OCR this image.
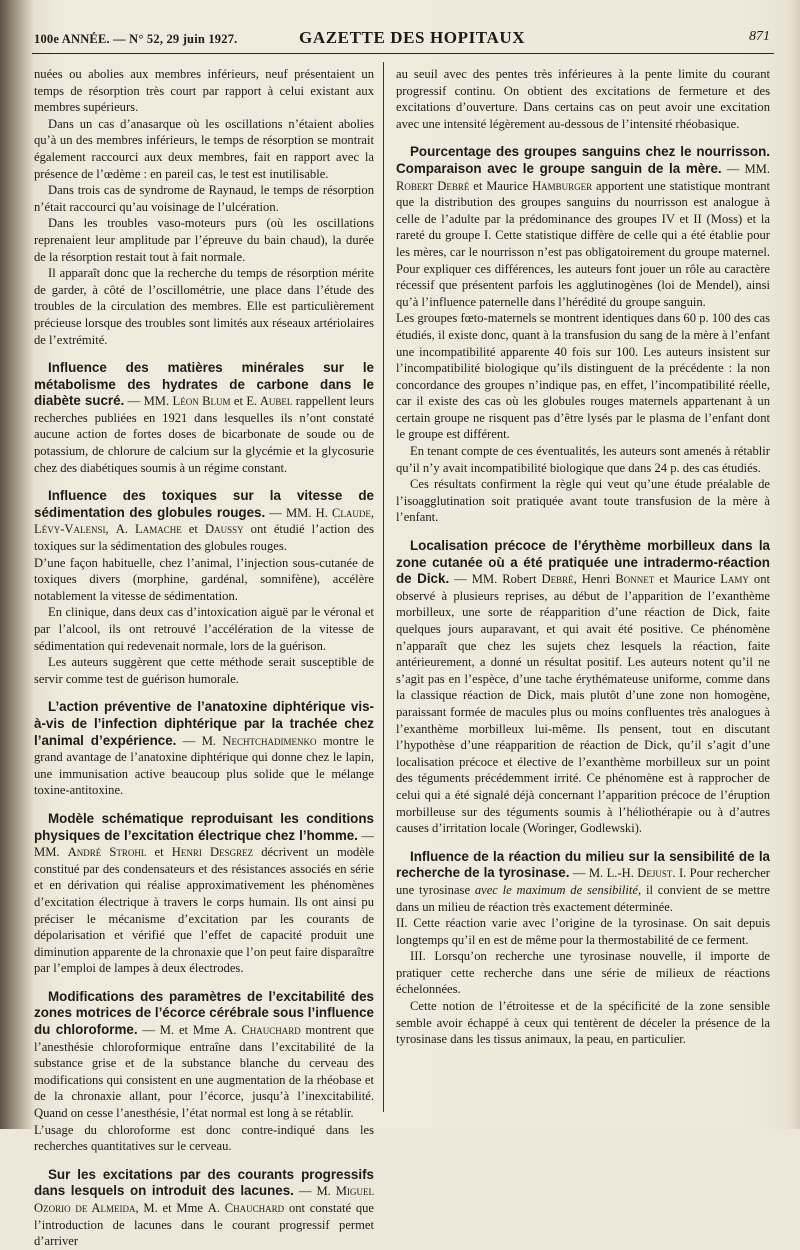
100e ANNÉE. — N° 52, 29 juin 1927.	GAZETTE DES HOPITAUX	871

nuées ou abolies aux membres inférieurs, neuf présentaient un temps de résorption très court par rapport à celui existant aux membres supérieurs.

Dans un cas d’anasarque où les oscillations n’étaient abolies qu’à un des membres inférieurs, le temps de résorption se montrait également raccourci aux deux membres, fait en rapport avec la présence de l’œdème : en pareil cas, le test est inutilisable.

Dans trois cas de syndrome de Raynaud, le temps de résorption n’était raccourci qu’au voisinage de l’ulcération.

Dans les troubles vaso-moteurs purs (où les oscillations reprenaient leur amplitude par l’épreuve du bain chaud), la durée de la résorption restait tout à fait normale.

Il apparaît donc que la recherche du temps de résorption mérite de garder, à côté de l’oscillométrie, une place dans l’étude des troubles de la circulation des membres. Elle est particulièrement précieuse lorsque des troubles sont limités aux réseaux artériolaires de l’extrémité.

Influence des matières minérales sur le métabolisme des hydrates de carbone dans le diabète sucré. — MM. Léon Blum et E. Aubel rappellent leurs recherches publiées en 1921 dans lesquelles ils n’ont constaté aucune action de fortes doses de bicarbonate de soude ou de potassium, de chlorure de calcium sur la glycémie et la glycosurie chez des diabétiques soumis à un régime constant.
Influence des toxiques sur la vitesse de sédimentation des globules rouges. — MM. H. Claude, Lévy-Valensi, A. Lamache et Daussy ont étudié l’action des toxiques sur la sédimentation des globules rouges.

D’une façon habituelle, chez l’animal, l’injection sous-cutanée de toxiques divers (morphine, gardénal, somnifène), accélère notablement la vitesse de sédimentation.

En clinique, dans deux cas d’intoxication aiguë par le véronal et par l’alcool, ils ont retrouvé l’accélération de la vitesse de sédimentation qui redevenait normale, lors de la guérison.

Les auteurs suggèrent que cette méthode serait susceptible de servir comme test de guérison humorale.

L’action préventive de l’anatoxine diphtérique vis-à-vis de l’infection diphtérique par la trachée chez l’animal d’expérience. — M. Nechtchadimenko montre le grand avantage de l’anatoxine diphtérique qui donne chez le lapin, une immunisation active beaucoup plus solide que le mélange toxine-antitoxine.
Modèle schématique reproduisant les conditions physiques de l’excitation électrique chez l’homme. — MM. André Strohl et Henri Desgrez décrivent un modèle constitué par des condensateurs et des résistances associés en série et en dérivation qui réalise approximativement les phénomènes d’excitation électrique à travers le corps humain. Ils ont ainsi pu préciser le mécanisme d’excitation par les courants de dépolarisation et vérifié que l’effet de capacité produit une diminution apparente de la chronaxie que l’on peut faire disparaître par l’emploi de lampes à deux électrodes.
Modifications des paramètres de l’excitabilité des zones motrices de l’écorce cérébrale sous l’influence du chloroforme. — M. et Mme A. Chauchard montrent que l’anesthésie chloroformique entraîne dans l’excitabilité de la substance grise et de la substance blanche du cerveau des modifications qui consistent en une augmentation de la rhéobase et de la chronaxie allant, pour l’écorce, jusqu’à l’inexcitabilité. Quand on cesse l’anesthésie, l’état normal est long à se rétablir.

L’usage du chloroforme est donc contre-indiqué dans les recherches quantitatives sur le cerveau.

Sur les excitations par des courants progressifs dans lesquels on introduit des lacunes. — M. Miguel Ozorio de Almeida, M. et Mme A. Chauchard ont constaté que l’introduction de lacunes dans le courant progressif permet d’arriver

au seuil avec des pentes très inférieures à la pente limite du courant progressif continu. On obtient des excitations de fermeture et des excitations d’ouverture. Dans certains cas on peut avoir une excitation avec une intensité légèrement au-dessous de l’intensité rhéobasique.

Pourcentage des groupes sanguins chez le nourrisson. Comparaison avec le groupe sanguin de la mère. — MM. Robert Debré et Maurice Hamburger apportent une statistique montrant que la distribution des groupes sanguins du nourrisson est analogue à celle de l’adulte par la prédominance des groupes IV et II (Moss) et la rareté du groupe I. Cette statistique diffère de celle qui a été établie pour les mères, car le nourrisson n’est pas obligatoirement du groupe maternel. Pour expliquer ces différences, les auteurs font jouer un rôle au caractère récessif que présentent parfois les agglutinogènes (loi de Mendel), ainsi qu’à l’influence paternelle dans l’hérédité du groupe sanguin.

Les groupes fœto-maternels se montrent identiques dans 60 p. 100 des cas étudiés, il existe donc, quant à la transfusion du sang de la mère à l’enfant une incompatibilité apparente 40 fois sur 100. Les auteurs insistent sur l’incompatibilité biologique qu’ils distinguent de la précédente : la non concordance des groupes n’indique pas, en effet, l’incompatibilité réelle, car il existe des cas où les globules rouges maternels appartenant à un certain groupe ne risquent pas d’être lysés par le plasma de l’enfant dont le groupe est différent.

En tenant compte de ces éventualités, les auteurs sont amenés à rétablir qu’il n’y avait incompatibilité biologique que dans 24 p. des cas étudiés.

Ces résultats confirment la règle qui veut qu’une étude préalable de l’isoagglutination soit pratiquée avant toute transfusion de la mère à l’enfant.

Localisation précoce de l’érythème morbilleux dans la zone cutanée où a été pratiquée une intradermo-réaction de Dick. — MM. Robert Debré, Henri Bonnet et Maurice Lamy ont observé à plusieurs reprises, au début de l’apparition de l’exanthème morbilleux, une sorte de réapparition d’une réaction de Dick, faite quelques jours auparavant, et qui avait été positive. Ce phénomène n’apparaît que chez les sujets chez lesquels la réaction, faite antérieurement, a donné un résultat positif. Les auteurs notent qu’il ne s’agit pas en l’espèce, d’une tache érythémateuse uniforme, comme dans la classique réaction de Dick, mais plutôt d’une zone non homogène, paraissant formée de macules plus ou moins confluentes très analogues à l’exanthème morbilleux lui-même. Ils pensent, tout en discutant l’hypothèse d’une réapparition de réaction de Dick, qu’il s’agit d’une localisation précoce et élective de l’exanthème morbilleux sur un point des téguments précédemment irrité. Ce phénomène est à rapprocher de celui qui a été signalé déjà concernant l’apparition précoce de l’éruption morbilleuse sur des téguments soumis à l’héliothérapie ou à d’autres causes d’irritation locale (Woringer, Godlewski).
Influence de la réaction du milieu sur la sensibilité de la recherche de la tyrosinase. — M. L.-H. Dejust. I. Pour rechercher une tyrosinase avec le maximum de sensibilité, il convient de se mettre dans un milieu de réaction très exactement déterminée.

II. Cette réaction varie avec l’origine de la tyrosinase. On sait depuis longtemps qu’il en est de même pour la thermostabilité de ce ferment.

III. Lorsqu’on recherche une tyrosinase nouvelle, il importe de pratiquer cette recherche dans une série de milieux de réactions échelonnées.

Cette notion de l’étroitesse et de la spécificité de la zone sensible semble avoir échappé à ceux qui tentèrent de déceler la présence de la tyrosinase dans les tissus animaux, la peau, en particulier.
